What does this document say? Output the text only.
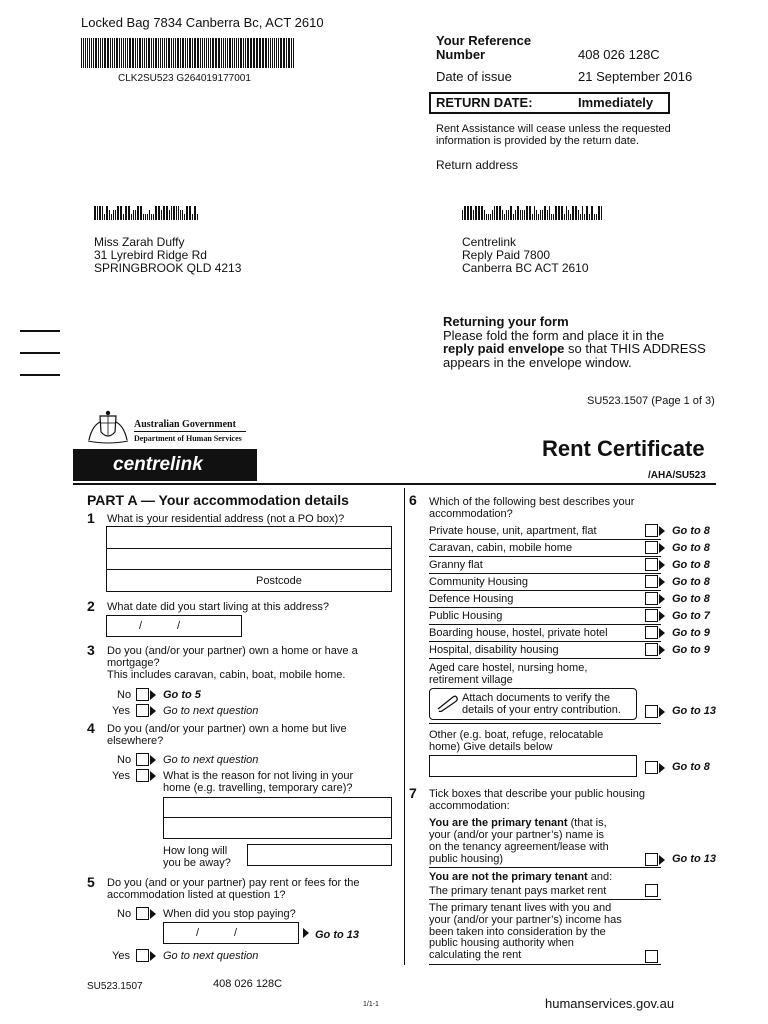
Locked Bag 7834 Canberra Bc, ACT 2610
CLK2SU523 G264019177001
Your Reference
Number	408 026 128C
Date of issue	21 September 2016
RETURN DATE:	Immediately
Rent Assistance will cease unless the requested
information is provided by the return date.
Return address
Miss Zarah Duffy
31 Lyrebird Ridge Rd
SPRINGBROOK QLD 4213
Centrelink
Reply Paid 7800
Canberra BC ACT 2610
Returning your form
Please fold the form and place it in the
reply paid envelope so that THIS ADDRESS
appears in the envelope window.
SU523.1507 (Page 1 of 3)
Australian Government
Department of Human Services
centrelink
Rent Certificate
/AHA/SU523
PART A — Your accommodation details
1 What is your residential address (not a PO box)?
Postcode
2 What date did you start living at this address?
/	/
3 Do you (and/or your partner) own a home or have a
mortgage?
This includes caravan, cabin, boat, mobile home.
No	Go to 5
Yes	Go to next question
4 Do you (and/or your partner) own a home but live
elsewhere?
No	Go to next question
Yes	What is the reason for not living in your
home (e.g. travelling, temporary care)?
How long will
you be away?
5 Do you (and or your partner) pay rent or fees for the
accommodation listed at question 1?
No	When did you stop paying?
/	/	Go to 13
Yes	Go to next question
6 Which of the following best describes your
accommodation?
Private house, unit, apartment, flat	Go to 8
Caravan, cabin, mobile home	Go to 8
Granny flat	Go to 8
Community Housing	Go to 8
Defence Housing	Go to 8
Public Housing	Go to 7
Boarding house, hostel, private hotel	Go to 9
Hospital, disability housing	Go to 9
Aged care hostel, nursing home,
retirement village
Attach documents to verify the
details of your entry contribution.	Go to 13
Other (e.g. boat, refuge, relocatable
home) Give details below
Go to 8
7 Tick boxes that describe your public housing
accommodation:
You are the primary tenant (that is,
your (and/or your partner’s) name is
on the tenancy agreement/lease with
public housing)	Go to 13
You are not the primary tenant and:
The primary tenant pays market rent
The primary tenant lives with you and
your (and/or your partner’s) income has
been taken into consideration by the
public housing authority when
calculating the rent
SU523.1507	408 026 128C
1/1-1	humanservices.gov.au
